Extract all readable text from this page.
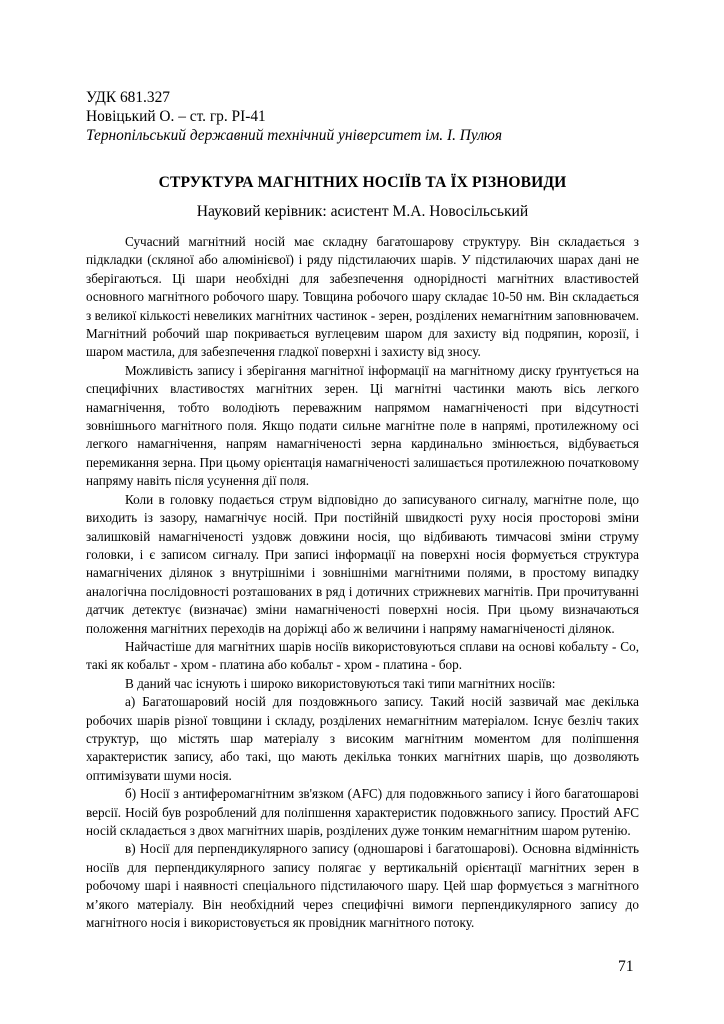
УДК 681.327

Новіцький О. – ст. гр. РІ-41

Тернопільський державний технічний університет ім. І. Пулюя

СТРУКТУРА МАГНІТНИХ НОСІЇВ ТА ЇХ РІЗНОВИДИ

Науковий керівник: асистент М.А. Новосільський

Сучасний магнітний носій має складну багатошарову структуру. Він складається з підкладки (скляної або алюмінієвої) і ряду підстилаючих шарів. У підстилаючих шарах дані не зберігаються. Ці шари необхідні для забезпечення однорідності магнітних властивостей основного магнітного робочого шару. Товщина робочого шару складає 10-50 нм. Він складається з великої кількості невеликих магнітних частинок - зерен, розділених немагнітним заповнювачем. Магнітний робочий шар покривається вуглецевим шаром для захисту від подряпин, корозії, і шаром мастила, для забезпечення гладкої поверхні і захисту від зносу.

Можливість запису і зберігання магнітної інформації на магнітному диску ґрунтується на специфічних властивостях магнітних зерен. Ці магнітні частинки мають вісь легкого намагнічення, тобто володіють переважним напрямом намагніченості при відсутності зовнішнього магнітного поля. Якщо подати сильне магнітне поле в напрямі, протилежному осі легкого намагнічення, напрям намагніченості зерна кардинально змінюється, відбувається перемикання зерна. При цьому орієнтація намагніченості залишається протилежною початковому напряму навіть після усунення дії поля.

Коли в головку подається струм відповідно до записуваного сигналу, магнітне поле, що виходить із зазору, намагнічує носій. При постійній швидкості руху носія просторові зміни залишковій намагніченості уздовж довжини носія, що відбивають тимчасові зміни струму головки, і є записом сигналу. При записі інформації на поверхні носія формується структура намагнічених ділянок з внутрішніми і зовнішніми магнітними полями, в простому випадку аналогічна послідовності розташованих в ряд і дотичних стрижневих магнітів. При прочитуванні датчик детектує (визначає) зміни намагніченості поверхні носія. При цьому визначаються положення магнітних переходів на доріжці або ж величини і напряму намагніченості ділянок.

Найчастіше для магнітних шарів носіїв використовуються сплави на основі кобальту - Co, такі як кобальт - хром - платина або кобальт - хром - платина - бор.

В даний час існують і широко використовуються такі типи магнітних носіїв:

а) Багатошаровий носій для поздовжнього запису. Такий носій зазвичай має декілька робочих шарів різної товщини і складу, розділених немагнітним матеріалом. Існує безліч таких структур, що містять шар матеріалу з високим магнітним моментом для поліпшення характеристик запису, або такі, що мають декілька тонких магнітних шарів, що дозволяють оптимізувати шуми носія.

б) Носії з антиферомагнітним зв'язком (AFC) для подовжнього запису і його багатошарові версії. Носій був розроблений для поліпшення характеристик подовжнього запису. Простий AFC носій складається з двох магнітних шарів, розділених дуже тонким немагнітним шаром рутенію.

в) Носії для перпендикулярного запису (одношарові і багатошарові). Основна відмінність носіїв для перпендикулярного запису полягає у вертикальній орієнтації магнітних зерен в робочому шарі і наявності спеціального підстилаючого шару. Цей шар формується з магнітного м’якого матеріалу. Він необхідний через специфічні вимоги перпендикулярного запису до магнітного носія і використовується як провідник магнітного потоку.

71
